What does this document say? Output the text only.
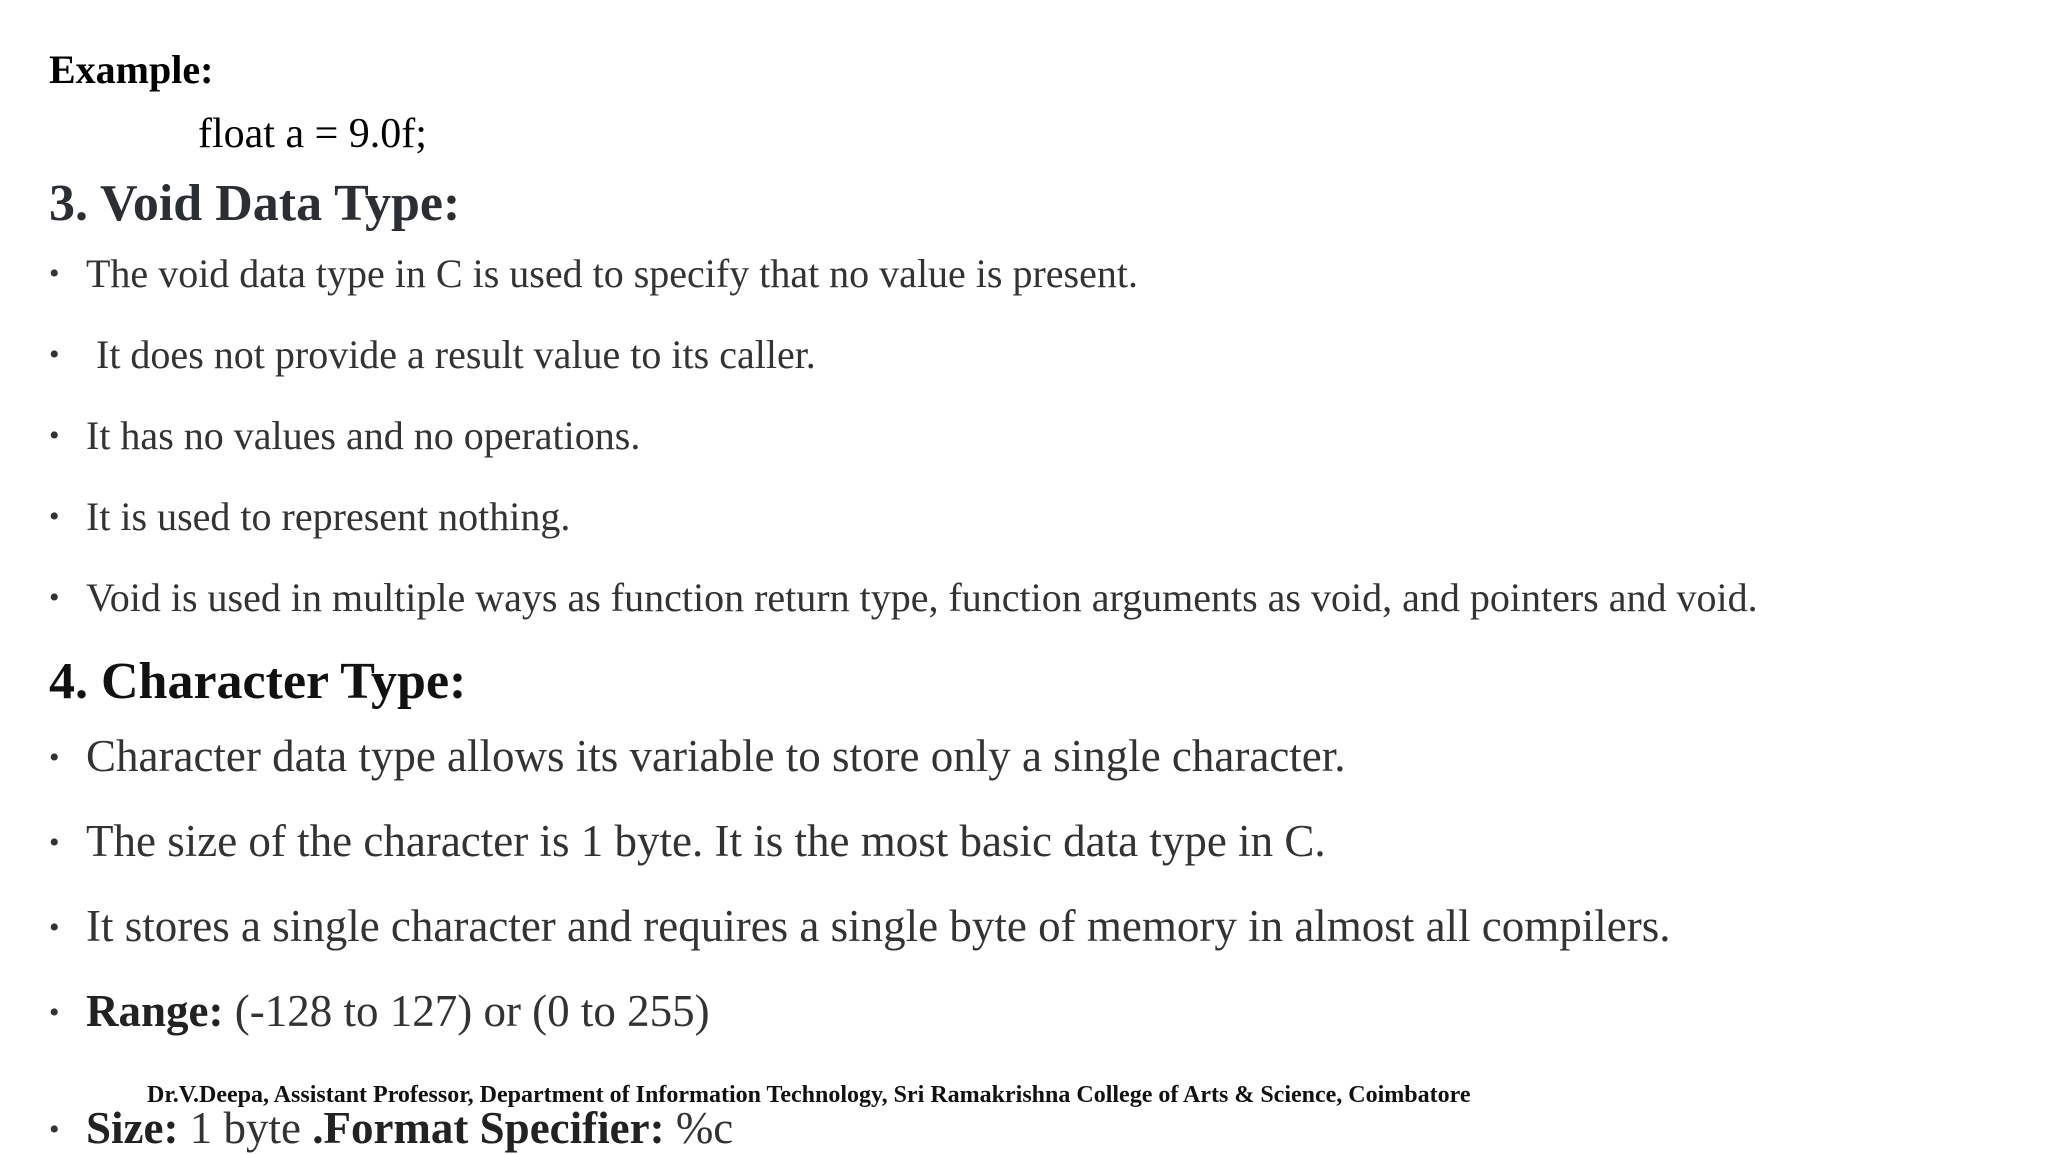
Example:
float a = 9.0f;
3. Void Data Type:
• The void data type in C is used to specify that no value is present.
• It does not provide a result value to its caller.
• It has no values and no operations.
• It is used to represent nothing.
• Void is used in multiple ways as function return type, function arguments as void, and pointers and void.
4. Character Type:
• Character data type allows its variable to store only a single character.
• The size of the character is 1 byte. It is the most basic data type in C.
• It stores a single character and requires a single byte of memory in almost all compilers.
• Range: (-128 to 127) or (0 to 255)
• Size: 1 byte .Format Specifier: %c
Dr.V.Deepa, Assistant Professor, Department of Information Technology, Sri Ramakrishna College of Arts & Science, Coimbatore
